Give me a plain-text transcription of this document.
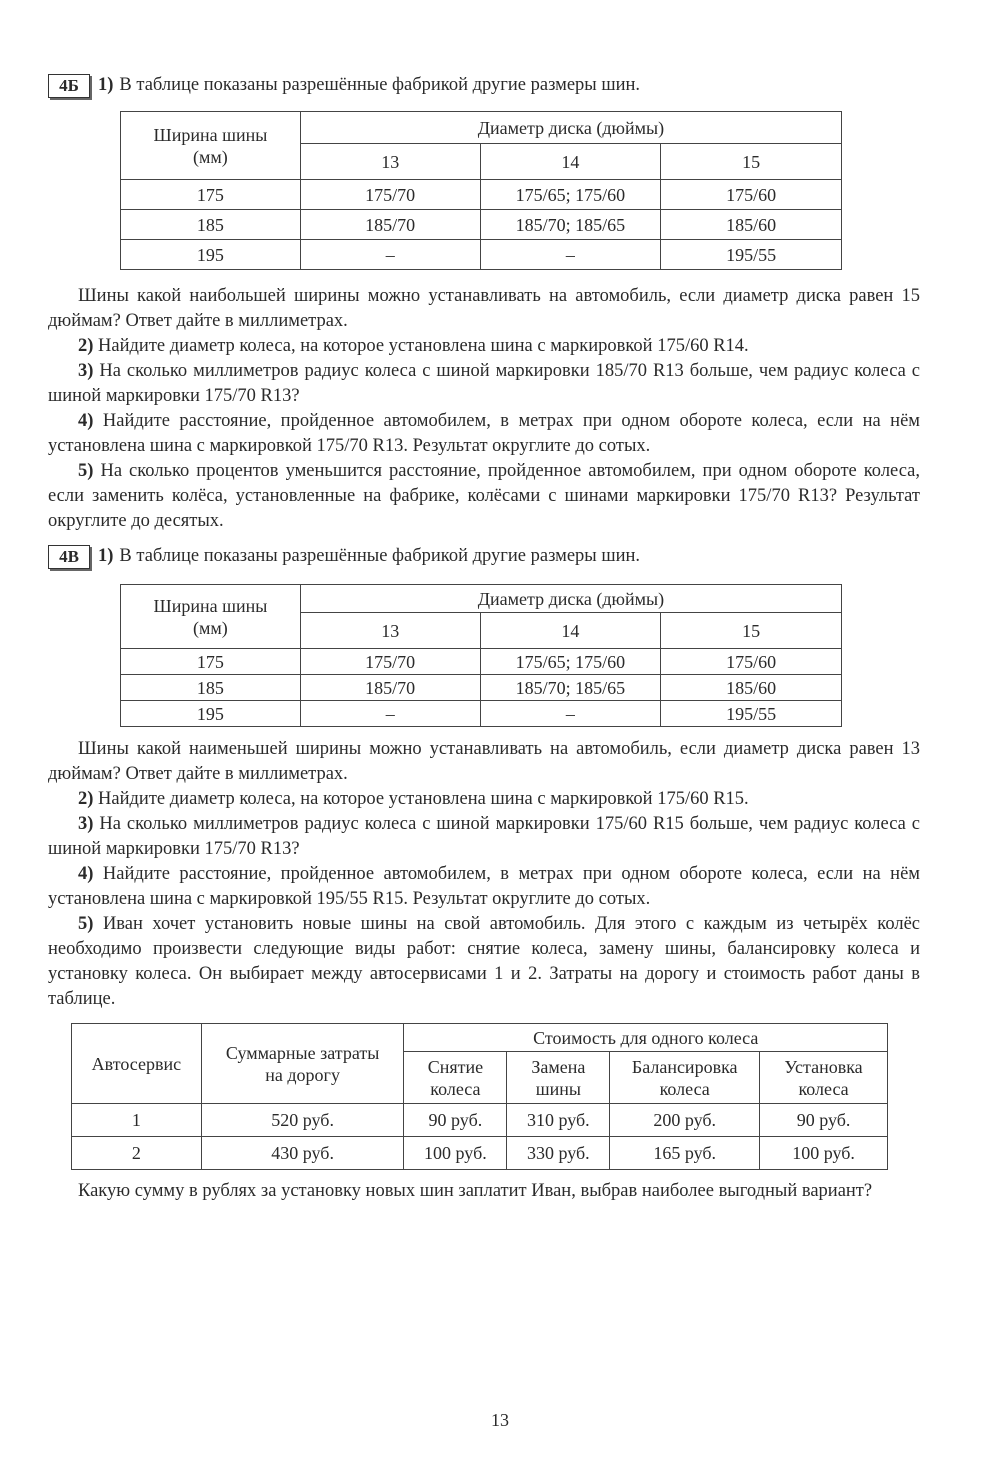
4Б	1) В таблице показаны разрешённые фабрикой другие размеры шин.
Ширина шины (мм)	Диаметр диска (дюймы)		
	13	14	15
175	175/70	175/65; 175/60	175/60
185	185/70	185/70; 185/65	185/60
195	–	–	195/55

Шины какой наибольшей ширины можно устанавливать на автомобиль, если диаметр диска равен 15 дюймам? Ответ дайте в миллиметрах.

2) Найдите диаметр колеса, на которое установлена шина с маркировкой 175/60 R14.

3) На сколько миллиметров радиус колеса с шиной маркировки 185/70 R13 больше, чем радиус колеса с шиной маркировки 175/70 R13?

4) Найдите расстояние, пройденное автомобилем, в метрах при одном обороте колеса, если на нём установлена шина с маркировкой 175/70 R13. Результат округлите до сотых.

5) На сколько процентов уменьшится расстояние, пройденное автомобилем, при одном обороте колеса, если заменить колёса, установленные на фабрике, колёсами с шинами маркировки 175/70 R13? Результат округлите до десятых.

4В	1) В таблице показаны разрешённые фабрикой другие размеры шин.
Ширина шины (мм)	Диаметр диска (дюймы)		
	13	14	15
175	175/70	175/65; 175/60	175/60
185	185/70	185/70; 185/65	185/60
195	–	–	195/55

Шины какой наименьшей ширины можно устанавливать на автомобиль, если диаметр диска равен 13 дюймам? Ответ дайте в миллиметрах.

2) Найдите диаметр колеса, на которое установлена шина с маркировкой 175/60 R15.

3) На сколько миллиметров радиус колеса с шиной маркировки 175/60 R15 больше, чем радиус колеса с шиной маркировки 175/70 R13?

4) Найдите расстояние, пройденное автомобилем, в метрах при одном обороте колеса, если на нём установлена шина с маркировкой 195/55 R15. Результат округлите до сотых.

5) Иван хочет установить новые шины на свой автомобиль. Для этого с каждым из четырёх колёс необходимо произвести следующие виды работ: снятие колеса, замену шины, балансировку колеса и установку колеса. Он выбирает между автосервисами 1 и 2. Затраты на дорогу и стоимость работ даны в таблице.

Автосервис	Суммарные затраты на дорогу	Стоимость для одного колеса			
		Снятие колеса	Замена шины	Балансировка колеса	Установка колеса
1	520 руб.	90 руб.	310 руб.	200 руб.	90 руб.
2	430 руб.	100 руб.	330 руб.	165 руб.	100 руб.

Какую сумму в рублях за установку новых шин заплатит Иван, выбрав наиболее выгодный вариант?

13
